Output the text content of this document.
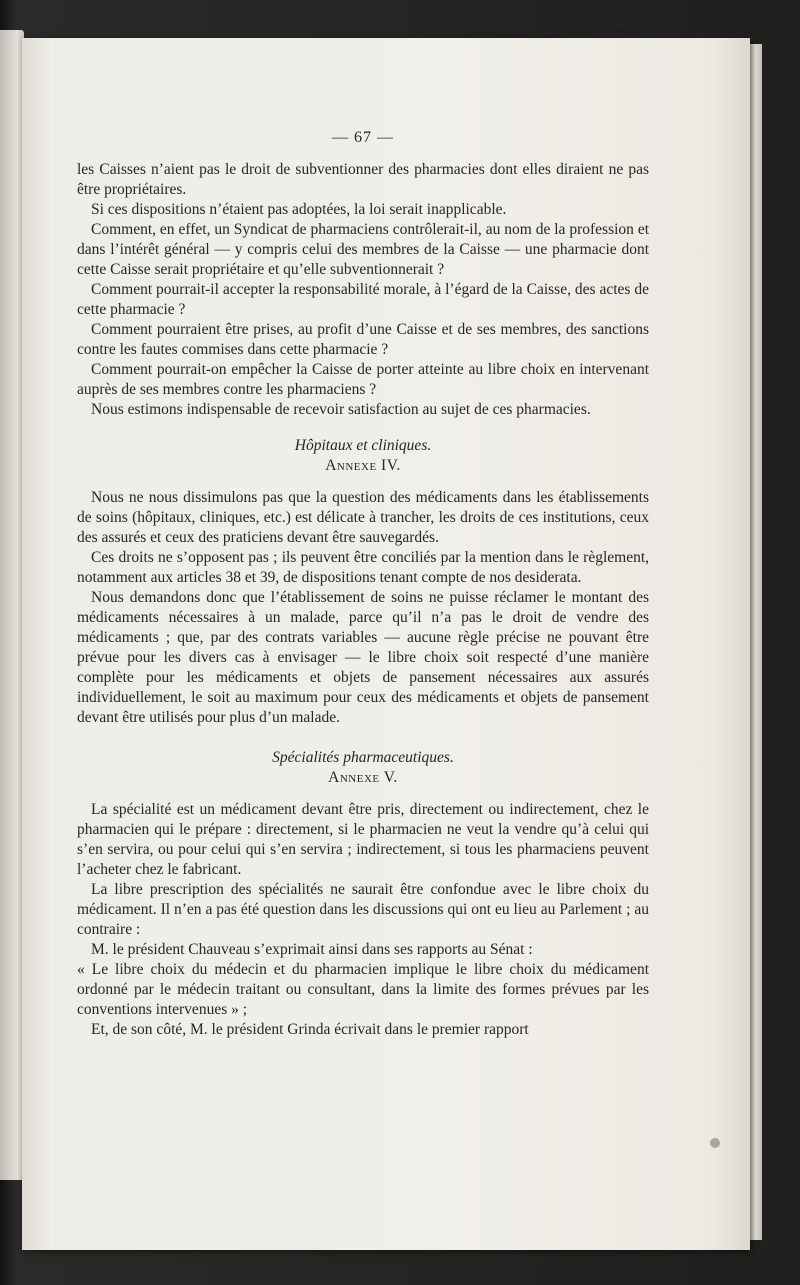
— 67 —

les Caisses n’aient pas le droit de subventionner des pharmacies dont elles diraient ne pas être propriétaires.

Si ces dispositions n’étaient pas adoptées, la loi serait inapplicable.

Comment, en effet, un Syndicat de pharmaciens contrôlerait-il, au nom de la profession et dans l’intérêt général — y compris celui des membres de la Caisse — une pharmacie dont cette Caisse serait propriétaire et qu’elle subventionnerait ?

Comment pourrait-il accepter la responsabilité morale, à l’égard de la Caisse, des actes de cette pharmacie ?

Comment pourraient être prises, au profit d’une Caisse et de ses membres, des sanctions contre les fautes commises dans cette pharmacie ?

Comment pourrait-on empêcher la Caisse de porter atteinte au libre choix en intervenant auprès de ses membres contre les pharmaciens ?

Nous estimons indispensable de recevoir satisfaction au sujet de ces pharmacies.

Hôpitaux et cliniques.
Annexe IV.

Nous ne nous dissimulons pas que la question des médicaments dans les établissements de soins (hôpitaux, cliniques, etc.) est délicate à trancher, les droits de ces institutions, ceux des assurés et ceux des praticiens devant être sauvegardés.

Ces droits ne s’opposent pas ; ils peuvent être conciliés par la mention dans le règlement, notamment aux articles 38 et 39, de dispositions tenant compte de nos desiderata.

Nous demandons donc que l’établissement de soins ne puisse réclamer le montant des médicaments nécessaires à un malade, parce qu’il n’a pas le droit de vendre des médicaments ; que, par des contrats variables — aucune règle précise ne pouvant être prévue pour les divers cas à envisager — le libre choix soit respecté d’une manière complète pour les médicaments et objets de pansement nécessaires aux assurés individuellement, le soit au maximum pour ceux des médicaments et objets de pansement devant être utilisés pour plus d’un malade.

Spécialités pharmaceutiques.
Annexe V.

La spécialité est un médicament devant être pris, directement ou indirectement, chez le pharmacien qui le prépare : directement, si le pharmacien ne veut la vendre qu’à celui qui s’en servira, ou pour celui qui s’en servira ; indirectement, si tous les pharmaciens peuvent l’acheter chez le fabricant.

La libre prescription des spécialités ne saurait être confondue avec le libre choix du médicament. Il n’en a pas été question dans les discussions qui ont eu lieu au Parlement ; au contraire :

M. le président Chauveau s’exprimait ainsi dans ses rapports au Sénat :

« Le libre choix du médecin et du pharmacien implique le libre choix du médicament ordonné par le médecin traitant ou consultant, dans la limite des formes prévues par les conventions intervenues » ;

Et, de son côté, M. le président Grinda écrivait dans le premier rapport
